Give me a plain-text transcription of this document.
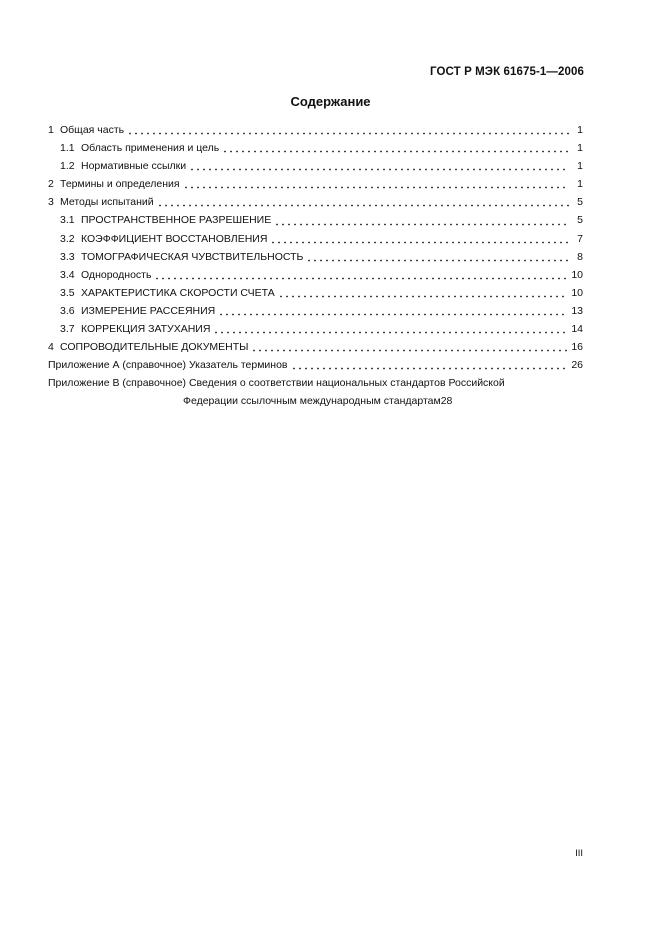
ГОСТ Р МЭК 61675-1—2006
Содержание
1 Общая часть	1
1.1 Область применения и цель	1
1.2 Нормативные ссылки	1
2 Термины и определения	1
3 Методы испытаний	5
3.1 ПРОСТРАНСТВЕННОЕ РАЗРЕШЕНИЕ	5
3.2 КОЭФФИЦИЕНТ ВОССТАНОВЛЕНИЯ	7
3.3 ТОМОГРАФИЧЕСКАЯ ЧУВСТВИТЕЛЬНОСТЬ	8
3.4 Однородность	10
3.5 ХАРАКТЕРИСТИКА СКОРОСТИ СЧЕТА	10
3.6 ИЗМЕРЕНИЕ РАССЕЯНИЯ	13
3.7 КОРРЕКЦИЯ ЗАТУХАНИЯ	14
4 СОПРОВОДИТЕЛЬНЫЕ ДОКУМЕНТЫ	16
Приложение А (справочное) Указатель терминов	26
Приложение В (справочное) Сведения о соответствии национальных стандартов Российской
Федерации ссылочным международным стандартам 28
III
